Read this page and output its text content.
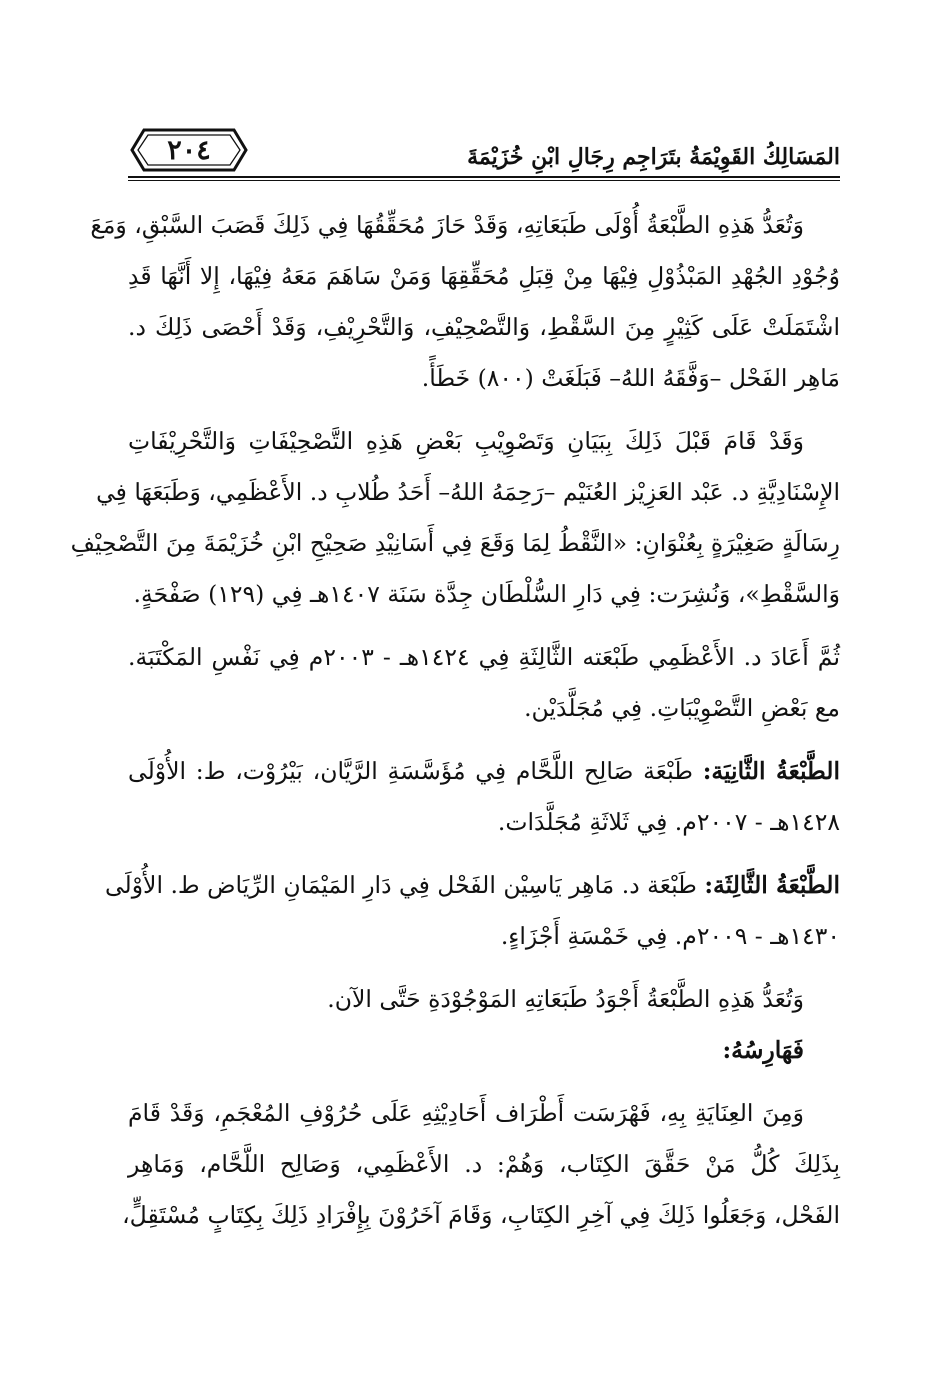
٢٠٤	المَسَالِكُ القَوِيْمَةُ بتَرَاجِم رِجَالِ ابْنِ خُزَيْمَةَ
وَتُعَدُّ هَذِهِ الطَّبْعَةُ أُوْلَى طَبَعَاتِهِ، وَقَدْ حَازَ مُحَقِّقُهَا فِي ذَلِكَ قَصَبَ السَّبْقِ، وَمَعَ
وُجُوْدِ الجُهْدِ المَبْذُوْلِ فِيْهَا مِنْ قِبَلِ مُحَقِّقِهَا وَمَنْ سَاهَمَ مَعَهُ فِيْهَا، إِلا أَنَّهَا قَدِ
اشْتَمَلَتْ عَلَى كَثِيْرٍ مِنَ السَّقْطِ، وَالتَّصْحِيْفِ، وَالتَّحْرِيْفِ، وَقَدْ أَحْصَى ذَلِكَ د.
مَاهِر الفَحْل –وَفَّقَهُ اللهُ– فَبَلَغَتْ (٨٠٠) خَطَأً.
وَقَدْ قَامَ قَبْلَ ذَلِكَ بِبَيَانِ وَتَصْوِيْبِ بَعْضِ هَذِهِ التَّصْحِيْفَاتِ وَالتَّحْرِيْفَاتِ
الإِسْنَادِيَّةِ د. عَبْد العَزِيْز العُنَيْم –رَحِمَهُ اللهُ– أَحَدُ طُلابِ د. الأَعْظَمِي، وَطَبَعَهَا فِي
رِسَالَةٍ صَغِيْرَةٍ بِعُنْوَانِ: «النَّقْطُ لِمَا وَقَعَ فِي أَسَانِيْدِ صَحِيْحِ ابْنِ خُزَيْمَةَ مِنَ التَّصْحِيْفِ
وَالسَّقْطِ»، وَنُشِرَت: فِي دَارِ السُّلْطَان جِدَّة سَنَة ١٤٠٧هـ فِي (١٢٩) صَفْحَةٍ.
ثُمَّ أَعَادَ د. الأَعْظَمِي طَبْعَته الثَّالِثَةِ فِي ١٤٢٤هـ - ٢٠٠٣م فِي نَفْسِ المَكْتَبَة.
مع بَعْضِ التَّصْوِيْبَاتِ. فِي مُجَلَّدَيْن.
الطَّبْعَةُ الثَّانِيَة: طَبْعَة صَالِح اللَّحَّام فِي مُؤَسَّسَةِ الرَّيَّان، بَيْرُوْت، ط: الأُوْلَى
١٤٢٨هـ - ٢٠٠٧م. فِي ثَلاثَةِ مُجَلَّدَات.
الطَّبْعَةُ الثَّالِثَة: طَبْعَة د. مَاهِر يَاسِيْن الفَحْل فِي دَارِ المَيْمَانِ الرِّيَاض ط. الأُوْلَى
١٤٣٠هـ - ٢٠٠٩م. فِي خَمْسَةِ أَجْزَاءٍ.
وَتُعَدُّ هَذِهِ الطَّبْعَةُ أَجْوَدُ طَبَعَاتِهِ المَوْجُوْدَةِ حَتَّى الآن.
فَهَارِسُهُ:
وَمِنَ العِنَايَةِ بِهِ، فَهْرَسَت أَطْرَاف أَحَادِيْثِهِ عَلَى حُرُوْفِ المُعْجَمِ، وَقَدْ قَامَ
بِذَلِكَ كُلُّ مَنْ حَقَّقَ الكِتَاب، وَهُمْ: د. الأَعْظَمِي، وَصَالِح اللَّحَّام، وَمَاهِر
الفَحْل، وَجَعَلُوا ذَلِكَ فِي آخِرِ الكِتَابِ، وَقَامَ آخَرُوْنَ بِإِفْرَادِ ذَلِكَ بِكِتَابٍ مُسْتَقِلٍّ،
